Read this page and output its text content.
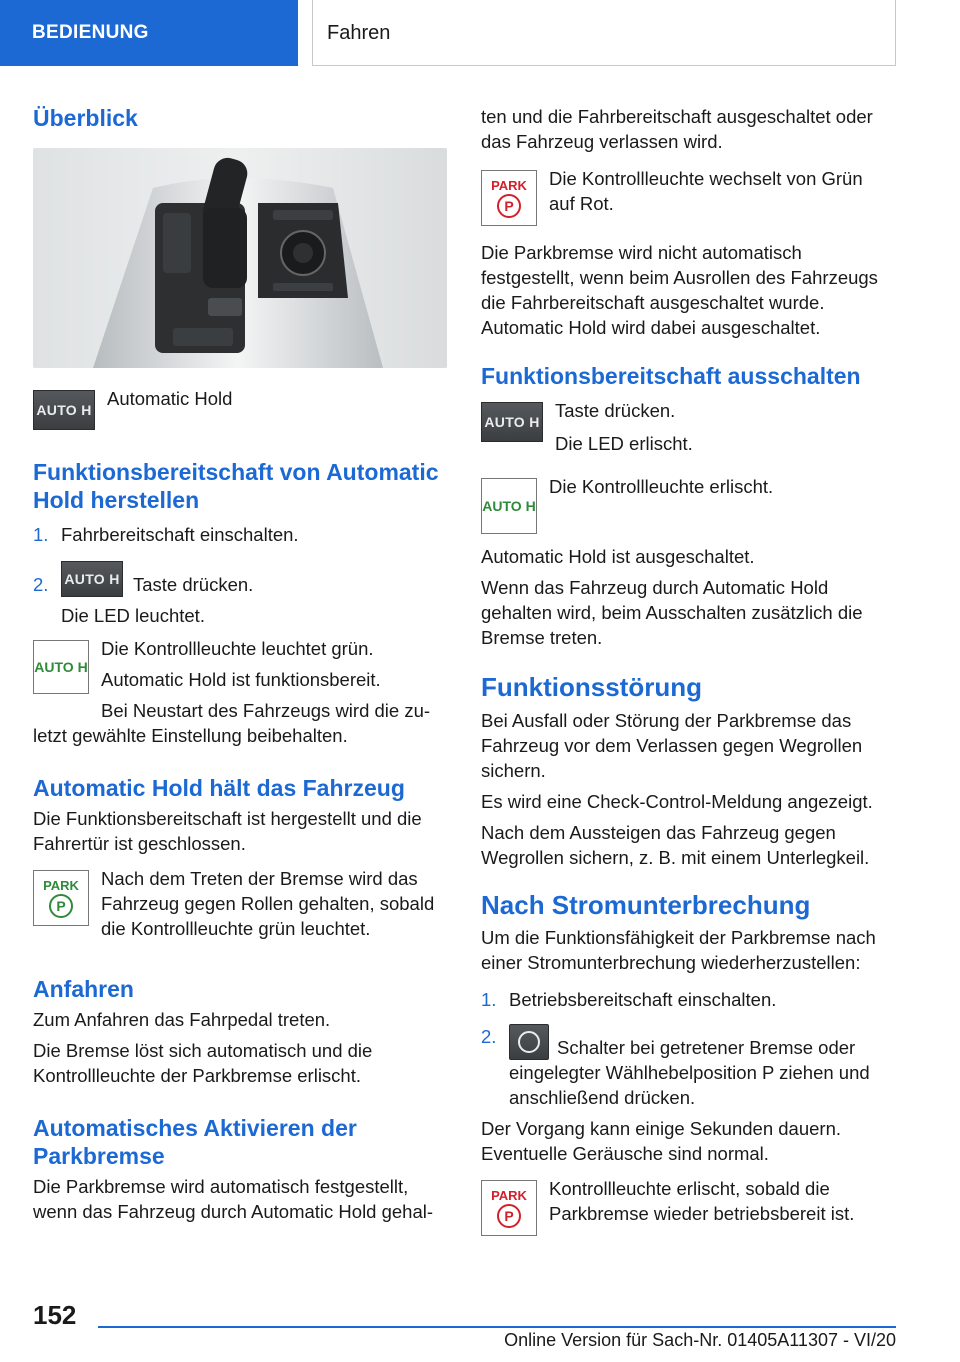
BEDIENUNG	Fahren
Überblick
AUTO H

Automatic Hold

Funktionsbereitschaft von Automatic Hold herstellen
1. Fahrbereitschaft einschalten.
2.	AUTO H Taste drücken.

Die LED leuchtet.

AUTO H

Die Kontrollleuchte leuchtet grün.

Automatic Hold ist funktionsbereit.

Bei Neustart des Fahrzeugs wird die zu-

letzt gewählte Einstellung beibehalten.

Automatic Hold hält das Fahrzeug

Die Funktionsbereitschaft ist hergestellt und die Fahrertür ist geschlossen.

PARK
P

Nach dem Treten der Bremse wird das Fahrzeug gegen Rollen gehalten, sobald die Kontrollleuchte grün leuchtet.

Anfahren

Zum Anfahren das Fahrpedal treten.

Die Bremse löst sich automatisch und die Kontrollleuchte der Parkbremse erlischt.

Automatisches Aktivieren der Parkbremse

Die Parkbremse wird automatisch festgestellt, wenn das Fahrzeug durch Automatic Hold gehal-

ten und die Fahrbereitschaft ausgeschaltet oder das Fahrzeug verlassen wird.

PARK
P

Die Kontrollleuchte wechselt von Grün auf Rot.

Die Parkbremse wird nicht automatisch festgestellt, wenn beim Ausrollen des Fahrzeugs die Fahrbereitschaft ausgeschaltet wurde. Automatic Hold wird dabei ausgeschaltet.

Funktionsbereitschaft ausschalten
AUTO H

Taste drücken.

Die LED erlischt.

AUTO H

Die Kontrollleuchte erlischt.

Automatic Hold ist ausgeschaltet.

Wenn das Fahrzeug durch Automatic Hold gehalten wird, beim Ausschalten zusätzlich die Bremse treten.

Funktionsstörung

Bei Ausfall oder Störung der Parkbremse das Fahrzeug vor dem Verlassen gegen Wegrollen sichern.

Es wird eine Check-Control-Meldung angezeigt.

Nach dem Aussteigen das Fahrzeug gegen Wegrollen sichern, z. B. mit einem Unterlegkeil.

Nach Stromunterbrechung

Um die Funktionsfähigkeit der Parkbremse nach einer Stromunterbrechung wiederherzustellen:

1. Betriebsbereitschaft einschalten.
2.
Schalter bei getretener Bremse oder eingelegter Wählhebelposition P ziehen und anschließend drücken.

Der Vorgang kann einige Sekunden dauern.

Eventuelle Geräusche sind normal.

PARK
P

Kontrollleuchte erlischt, sobald die Parkbremse wieder betriebsbereit ist.

152
Online Version für Sach-Nr. 01405A11307 - VI/20
